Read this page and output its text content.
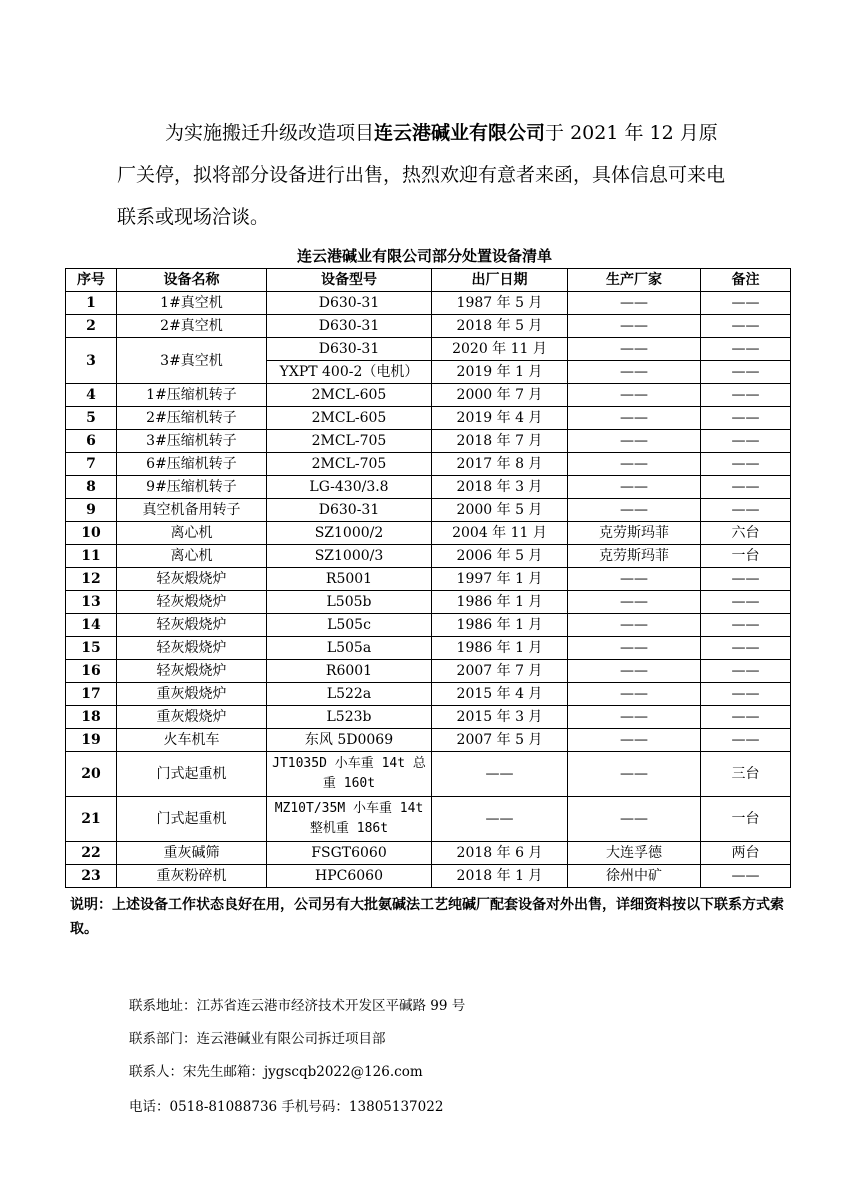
为实施搬迁升级改造项目连云港碱业有限公司于 2021 年 12 月原厂关停，拟将部分设备进行出售，热烈欢迎有意者来函，具体信息可来电联系或现场洽谈。

连云港碱业有限公司部分处置设备清单
序号	设备名称	设备型号	出厂日期	生产厂家	备注
1	1#真空机	D630-31	1987 年 5 月	——	——
2	2#真空机	D630-31	2018 年 5 月	——	——
3	3#真空机	D630-31	2020 年 11 月	——	——
		YXPT 400-2（电机）	2019 年 1 月	——	——
4	1#压缩机转子	2MCL-605	2000 年 7 月	——	——
5	2#压缩机转子	2MCL-605	2019 年 4 月	——	——
6	3#压缩机转子	2MCL-705	2018 年 7 月	——	——
7	6#压缩机转子	2MCL-705	2017 年 8 月	——	——
8	9#压缩机转子	LG-430/3.8	2018 年 3 月	——	——
9	真空机备用转子	D630-31	2000 年 5 月	——	——
10	离心机	SZ1000/2	2004 年 11 月	克劳斯玛菲	六台
11	离心机	SZ1000/3	2006 年 5 月	克劳斯玛菲	一台
12	轻灰煅烧炉	R5001	1997 年 1 月	——	——
13	轻灰煅烧炉	L505b	1986 年 1 月	——	——
14	轻灰煅烧炉	L505c	1986 年 1 月	——	——
15	轻灰煅烧炉	L505a	1986 年 1 月	——	——
16	轻灰煅烧炉	R6001	2007 年 7 月	——	——
17	重灰煅烧炉	L522a	2015 年 4 月	——	——
18	重灰煅烧炉	L523b	2015 年 3 月	——	——
19	火车机车	东风 5D0069	2007 年 5 月	——	——
20	门式起重机	JT1035D 小车重 14t 总重 160t	——	——	三台
21	门式起重机	MZ10T/35M 小车重 14t 整机重 186t	——	——	一台
22	重灰碱筛	FSGT6060	2018 年 6 月	大连孚德	两台
23	重灰粉碎机	HPC6060	2018 年 1 月	徐州中矿	——
说明：上述设备工作状态良好在用，公司另有大批氨碱法工艺纯碱厂配套设备对外出售，详细资料按以下联系方式索取。
联系地址：江苏省连云港市经济技术开发区平碱路 99 号
联系部门：连云港碱业有限公司拆迁项目部
联系人：宋先生邮箱：jygscqb2022@126.com
电话：0518-81088736 手机号码：13805137022
